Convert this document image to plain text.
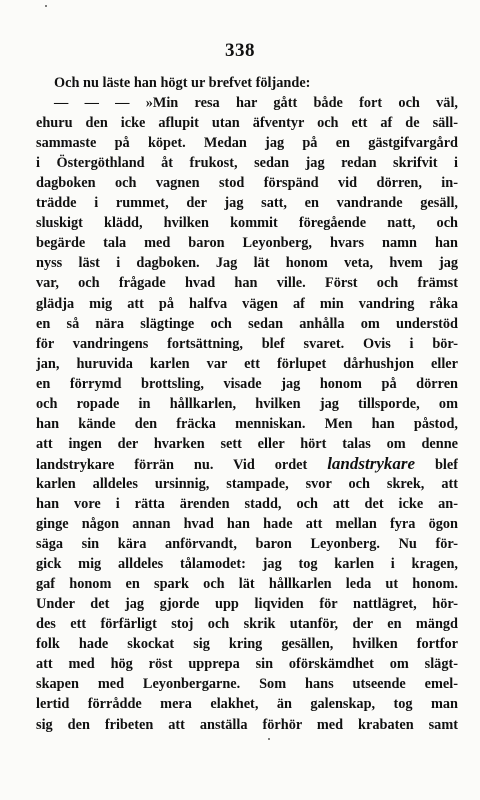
338
Och nu läste han högt ur brefvet följande:
— — — »Min resa har gått både fort och väl,
ehuru den icke aflupit utan äfventyr och ett af de säll-
sammaste på köpet. Medan jag på en gästgifvargård
i Östergöthland åt frukost, sedan jag redan skrifvit i
dagboken och vagnen stod förspänd vid dörren, in-
trädde i rummet, der jag satt, en vandrande gesäll,
sluskigt klädd, hvilken kommit föregående natt, och
begärde tala med baron Leyonberg, hvars namn han
nyss läst i dagboken. Jag lät honom veta, hvem jag
var, och frågade hvad han ville. Först och främst
glädja mig att på halfva vägen af min vandring råka
en så nära slägtinge och sedan anhålla om understöd
för vandringens fortsättning, blef svaret. Ovis i bör-
jan, huruvida karlen var ett förlupet dårhushjon eller
en förrymd brottsling, visade jag honom på dörren
och ropade in hållkarlen, hvilken jag tillsporde, om
han kände den fräcka menniskan. Men han påstod,
att ingen der hvarken sett eller hört talas om denne
landstrykare förrän nu. Vid ordet landstrykare blef
karlen alldeles ursinnig, stampade, svor och skrek, att
han vore i rätta ärenden stadd, och att det icke an-
ginge någon annan hvad han hade att mellan fyra ögon
säga sin kära anförvandt, baron Leyonberg. Nu för-
gick mig alldeles tålamodet: jag tog karlen i kragen,
gaf honom en spark och lät hållkarlen leda ut honom.
Under det jag gjorde upp liqviden för nattlägret, hör-
des ett förfärligt stoj och skrik utanför, der en mängd
folk hade skockat sig kring gesällen, hvilken fortfor
att med hög röst upprepa sin oförskämdhet om slägt-
skapen med Leyonbergarne. Som hans utseende emel-
lertid förrådde mera elakhet, än galenskap, tog man
sig den fribeten att anställa förhör med krabaten samt
